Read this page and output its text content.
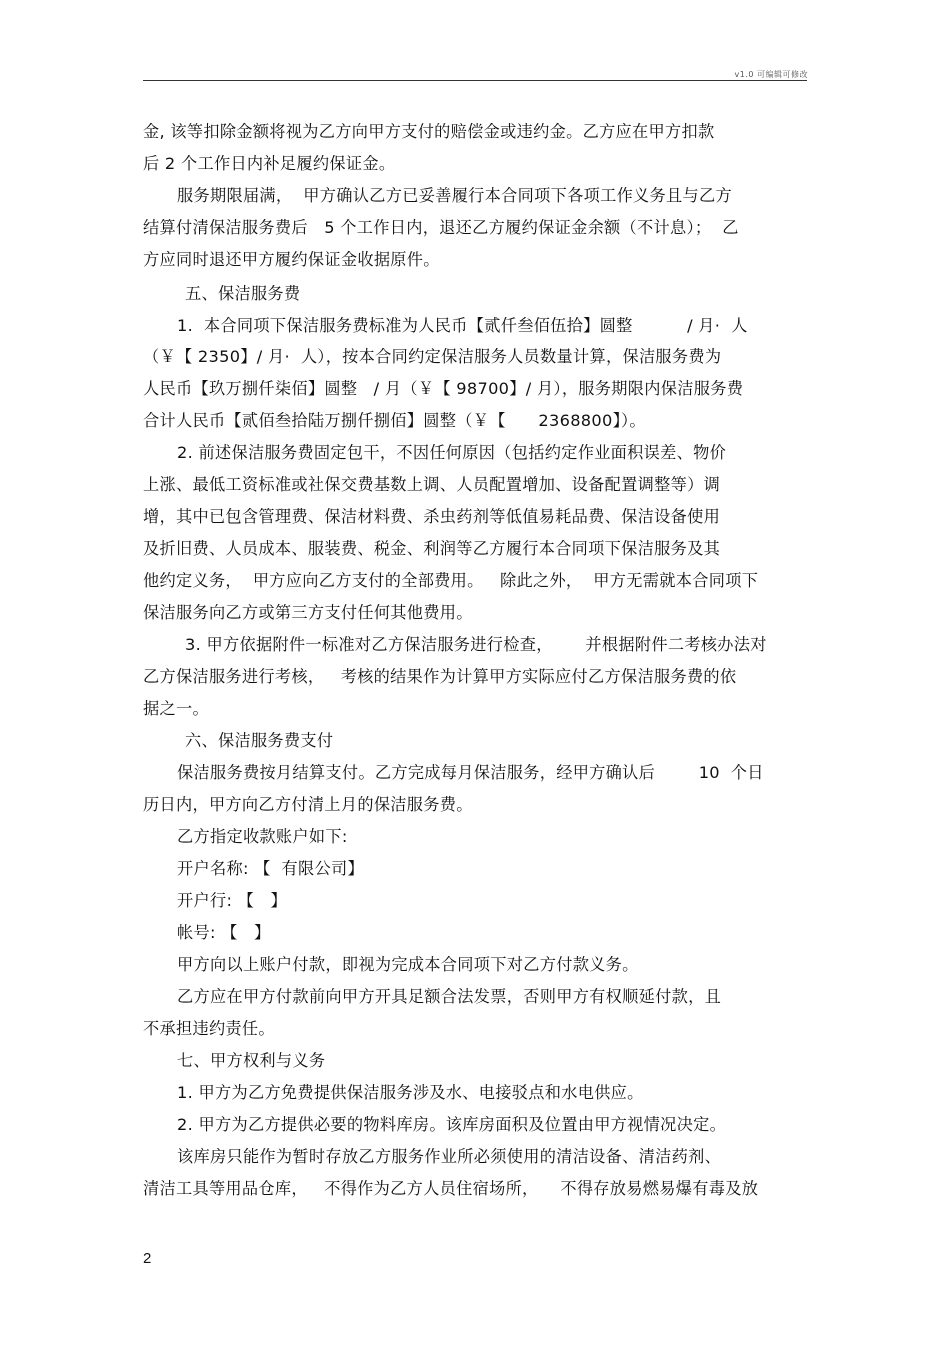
v1.0 可编辑可修改
金, 该等扣除金额将视为乙方向甲方支付的赔偿金或违约金。乙方应在甲方扣款
后 2 个工作日内补足履约保证金。
服务期限届满，  甲方确认乙方已妥善履行本合同项下各项工作义务且与乙方
结算付清保洁服务费后   5 个工作日内，退还乙方履约保证金余额（不计息）；  乙
方应同时退还甲方履约保证金收据原件。
五、保洁服务费
1.  本合同项下保洁服务费标准为人民币【贰仟叁佰伍拾】圆整          / 月·  人
（￥【 2350】/ 月·  人），按本合同约定保洁服务人员数量计算，保洁服务费为
人民币【玖万捌仟柒佰】圆整   / 月（￥【 98700】/ 月），服务期限内保洁服务费
合计人民币【贰佰叁拾陆万捌仟捌佰】圆整（￥【      2368800】）。
2. 前述保洁服务费固定包干，不因任何原因（包括约定作业面积误差、物价
上涨、最低工资标准或社保交费基数上调、人员配置增加、设备配置调整等）调
增，其中已包含管理费、保洁材料费、杀虫药剂等低值易耗品费、保洁设备使用
及折旧费、人员成本、服装费、税金、利润等乙方履行本合同项下保洁服务及其
他约定义务，  甲方应向乙方支付的全部费用。   除此之外，  甲方无需就本合同项下
保洁服务向乙方或第三方支付任何其他费用。
3. 甲方依据附件一标准对乙方保洁服务进行检查，      并根据附件二考核办法对
乙方保洁服务进行考核，   考核的结果作为计算甲方实际应付乙方保洁服务费的依
据之一。
六、保洁服务费支付
保洁服务费按月结算支付。乙方完成每月保洁服务，经甲方确认后        10  个日
历日内，甲方向乙方付清上月的保洁服务费。
乙方指定收款账户如下:
开户名称: 【  有限公司】
开户行: 【   】
帐号: 【   】
甲方向以上账户付款，即视为完成本合同项下对乙方付款义务。
乙方应在甲方付款前向甲方开具足额合法发票，否则甲方有权顺延付款，且
不承担违约责任。
七、甲方权利与义务
1. 甲方为乙方免费提供保洁服务涉及水、电接驳点和水电供应。
2. 甲方为乙方提供必要的物料库房。该库房面积及位置由甲方视情况决定。
该库房只能作为暂时存放乙方服务作业所必须使用的清洁设备、清洁药剂、
清洁工具等用品仓库，   不得作为乙方人员住宿场所，    不得存放易燃易爆有毒及放
2
